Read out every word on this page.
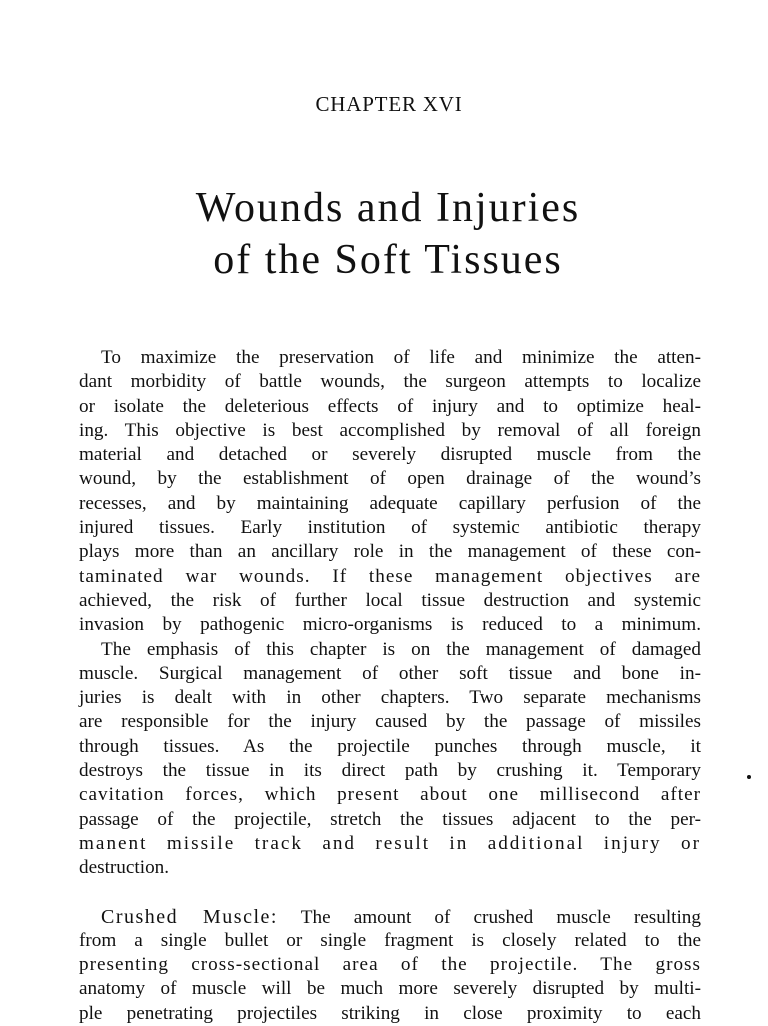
CHAPTER XVI
Wounds and Injuries
of the Soft Tissues
To maximize the preservation of life and minimize the atten-
dant morbidity of battle wounds, the surgeon attempts to localize
or isolate the deleterious effects of injury and to optimize heal-
ing. This objective is best accomplished by removal of all foreign
material and detached or severely disrupted muscle from the
wound, by the establishment of open drainage of the wound’s
recesses, and by maintaining adequate capillary perfusion of the
injured tissues. Early institution of systemic antibiotic therapy
plays more than an ancillary role in the management of these con-
taminated war wounds. If these management objectives are
achieved, the risk of further local tissue destruction and systemic
invasion by pathogenic micro-organisms is reduced to a minimum.
The emphasis of this chapter is on the management of damaged
muscle. Surgical management of other soft tissue and bone in-
juries is dealt with in other chapters. Two separate mechanisms
are responsible for the injury caused by the passage of missiles
through tissues. As the projectile punches through muscle, it
destroys the tissue in its direct path by crushing it. Temporary
cavitation forces, which present about one millisecond after
passage of the projectile, stretch the tissues adjacent to the per-
manent missile track and result in additional injury or
destruction.
Crushed Muscle: The amount of crushed muscle resulting
from a single bullet or single fragment is closely related to the
presenting cross-sectional area of the projectile. The gross
anatomy of muscle will be much more severely disrupted by multi-
ple penetrating projectiles striking in close proximity to each
